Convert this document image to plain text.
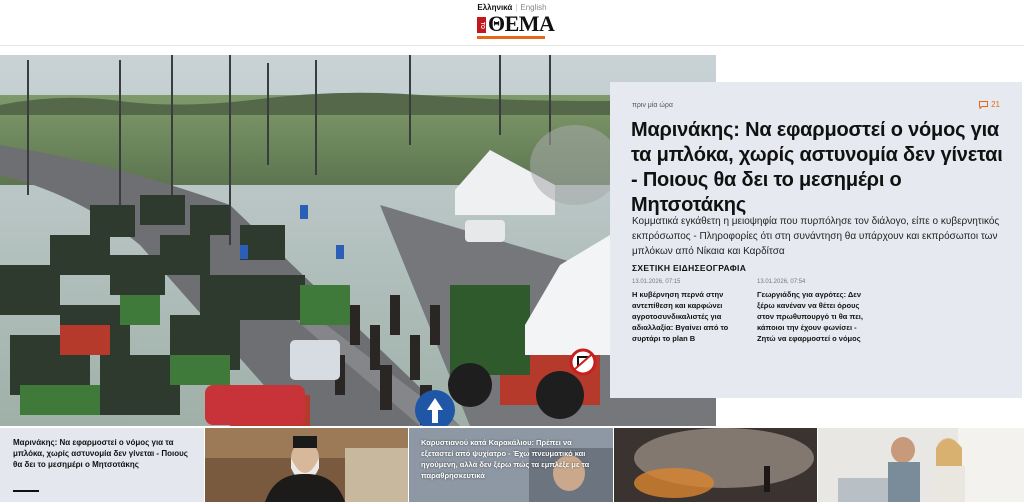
Ελληνικά | English
ΤΟ ΘΕΜΑ
πριν μία ώρα	21
Μαρινάκης: Να εφαρμοστεί ο νόμος για τα μπλόκα, χωρίς αστυνομία δεν γίνεται - Ποιους θα δει το μεσημέρι ο Μητσοτάκης
Κομματικά εγκάθετη η μειοψηφία που πυρπόλησε τον διάλογο, είπε ο κυβερνητικός εκπρόσωπος - Πληροφορίες ότι στη συνάντηση θα υπάρχουν και εκπρόσωποι των μπλόκων από Νίκαια και Καρδίτσα
ΣΧΕΤΙΚΗ ΕΙΔΗΣΕΟΓΡΑΦΙΑ
13.01.2026, 07:15
Η κυβέρνηση περνά στην αντεπίθεση και καρφώνει αγροτοσυνδικαλιστές για αδιαλλαξία: Βγαίνει από το συρτάρι το plan B
13.01.2026, 07:54
Γεωργιάδης για αγρότες: Δεν ξέρω κανέναν να θέτει όρους στον πρωθυπουργό τι θα πει, κάποιοι την έχουν φωνίσει - Ζητώ να εφαρμοστεί ο νόμος
Μαρινάκης: Να εφαρμοστεί ο νόμος για τα μπλόκα, χωρίς αστυνομία δεν γίνεται - Ποιους θα δει το μεσημέρι ο Μητσοτάκης
Καρυστιανού κατά Καρακάλιου: Πρέπει να εξεταστεί από ψυχίατρο - Έχω πνευματικό και ηγούμενη, αλλά δεν ξέρω πώς τα εμπλέξε με τα παραθρησκευτικά
